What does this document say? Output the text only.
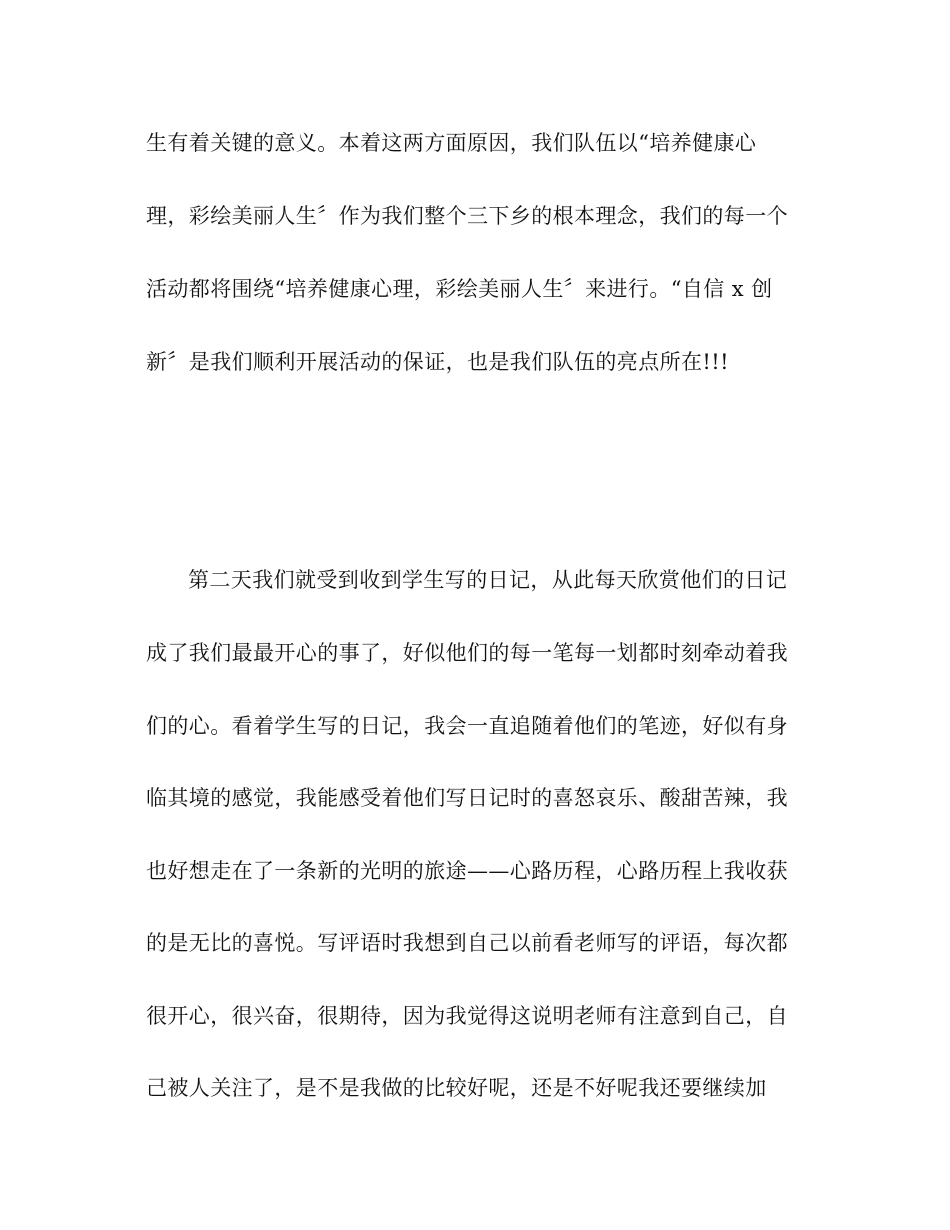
生有着关键的意义。本着这两方面原因，我们队伍以“培养健康心
理，彩绘美丽人生〞作为我们整个三下乡的根本理念，我们的每一个
活动都将围绕“培养健康心理，彩绘美丽人生〞来进行。“自信 x 创
新〞是我们顺利开展活动的保证，也是我们队伍的亮点所在!!!
第二天我们就受到收到学生写的日记，从此每天欣赏他们的日记
成了我们最最开心的事了，好似他们的每一笔每一划都时刻牵动着我
们的心。看着学生写的日记，我会一直追随着他们的笔迹，好似有身
临其境的感觉，我能感受着他们写日记时的喜怒哀乐、酸甜苦辣，我
也好想走在了一条新的光明的旅途——心路历程，心路历程上我收获
的是无比的喜悦。写评语时我想到自己以前看老师写的评语，每次都
很开心，很兴奋，很期待，因为我觉得这说明老师有注意到自己，自
己被人关注了，是不是我做的比较好呢，还是不好呢我还要继续加
